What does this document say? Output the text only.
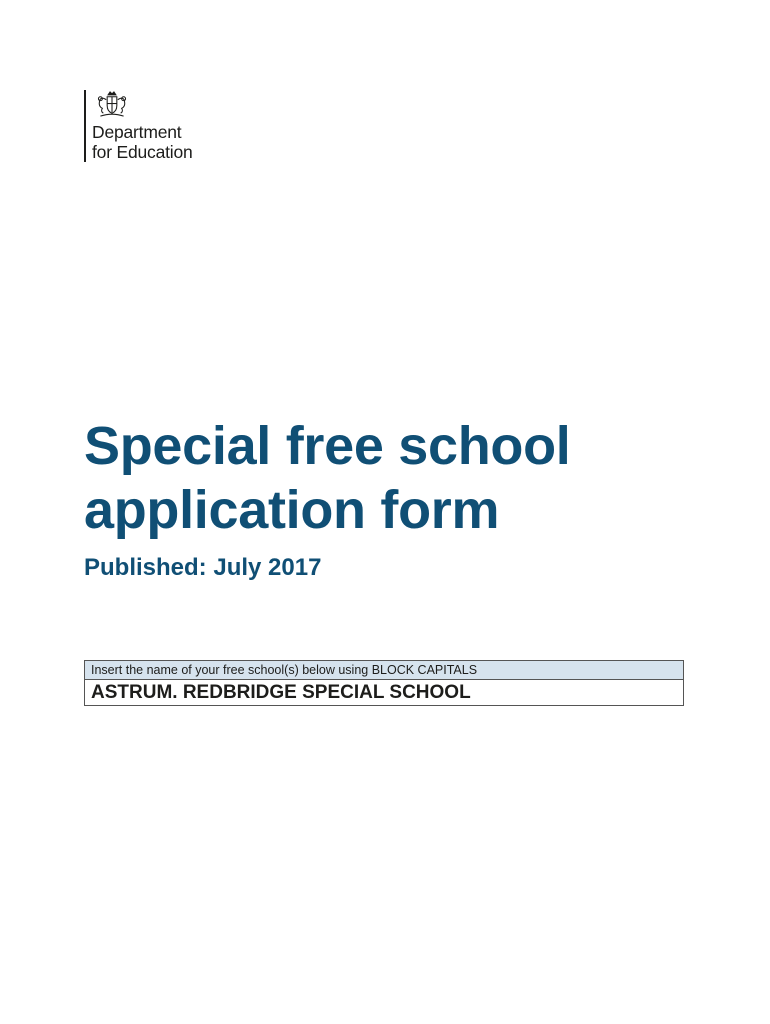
Department
for Education
Special free school
application form
Published: July 2017
Insert the name of your free school(s) below using BLOCK CAPITALS
ASTRUM. REDBRIDGE SPECIAL SCHOOL
